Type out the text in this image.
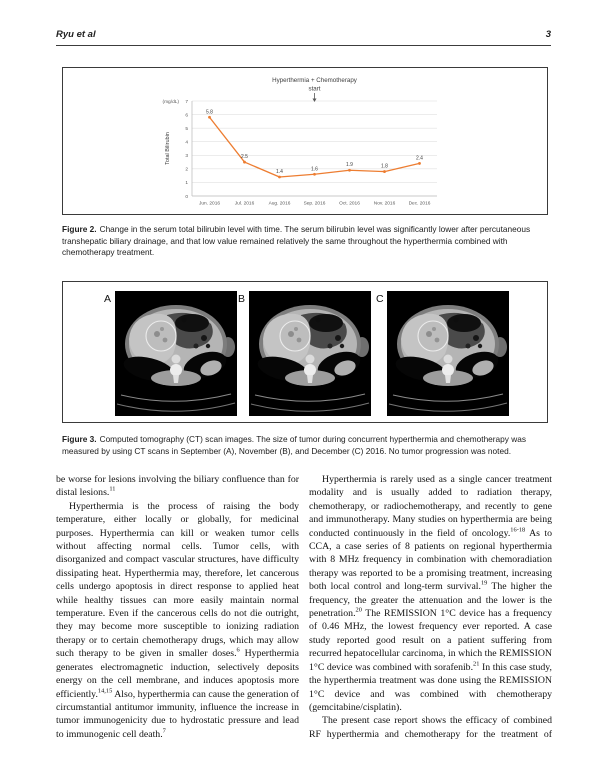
Ryu et al	3
0
1
2
3
4
5
6
7
(mg/dL)
Jun. 2016	Jul. 2016	Aug. 2016	Sep. 2016	Oct. 2016	Nov. 2016	Dec. 2016
5.8
2.5
1.4	1.6
1.9	1.8
2.4
Total Bilirubin
Hyperthermia + Chemotherapy
start
Figure 2. Change in the serum total bilirubin level with time. The serum bilirubin level was significantly lower after percutaneous transhepatic biliary drainage, and that low value remained relatively the same throughout the hyperthermia combined with chemotherapy treatment.
A	B	C
Figure 3. Computed tomography (CT) scan images. The size of tumor during concurrent hyperthermia and chemotherapy was measured by using CT scans in September (A), November (B), and December (C) 2016. No tumor progression was noted.

be worse for lesions involving the biliary confluence than for distal lesions.$^{11}$

Hyperthermia is the process of raising the body temperature, either locally or globally, for medicinal purposes. Hyperthermia can kill or weaken tumor cells without affecting normal cells. Tumor cells, with disorganized and compact vascular structures, have difficulty dissipating heat. Hyperthermia may, therefore, let cancerous cells undergo apoptosis in direct response to applied heat while healthy tissues can more easily maintain normal temperature. Even if the cancerous cells do not die outright, they may become more susceptible to ionizing radiation therapy or to certain chemotherapy drugs, which may allow such therapy to be given in smaller doses.$^6$ Hyperthermia generates electromagnetic induction, selectively deposits energy on the cell membrane, and induces apoptosis more efficiently.$^{14,15}$ Also, hyperthermia can cause the generation of circumstantial antitumor immunity, influence the increase in tumor immunogenicity due to hydrostatic pressure and lead to immunogenic cell death.$^7$

Hyperthermia is rarely used as a single cancer treatment modality and is usually added to radiation therapy, chemotherapy, or radiochemotherapy, and recently to gene and immunotherapy. Many studies on hyperthermia are being conducted continuously in the field of oncology.$^{16-18}$ As to CCA, a case series of 8 patients on regional hyperthermia with 8 MHz frequency in combination with chemoradiation therapy was reported to be a promising treatment, increasing both local control and long-term survival.$^{19}$ The higher the frequency, the greater the attenuation and the lower is the penetration.$^{20}$ The REMISSION 1°C device has a frequency of 0.46 MHz, the lowest frequency ever reported. A case study reported good result on a patient suffering from recurred hepatocellular carcinoma, in which the REMISSION 1°C device was combined with sorafenib.$^{21}$ In this case study, the hyperthermia treatment was done using the REMISSION 1°C device and was combined with chemotherapy (gemcitabine/cisplatin).

The present case report shows the efficacy of combined RF hyperthermia and chemotherapy for the treatment of
